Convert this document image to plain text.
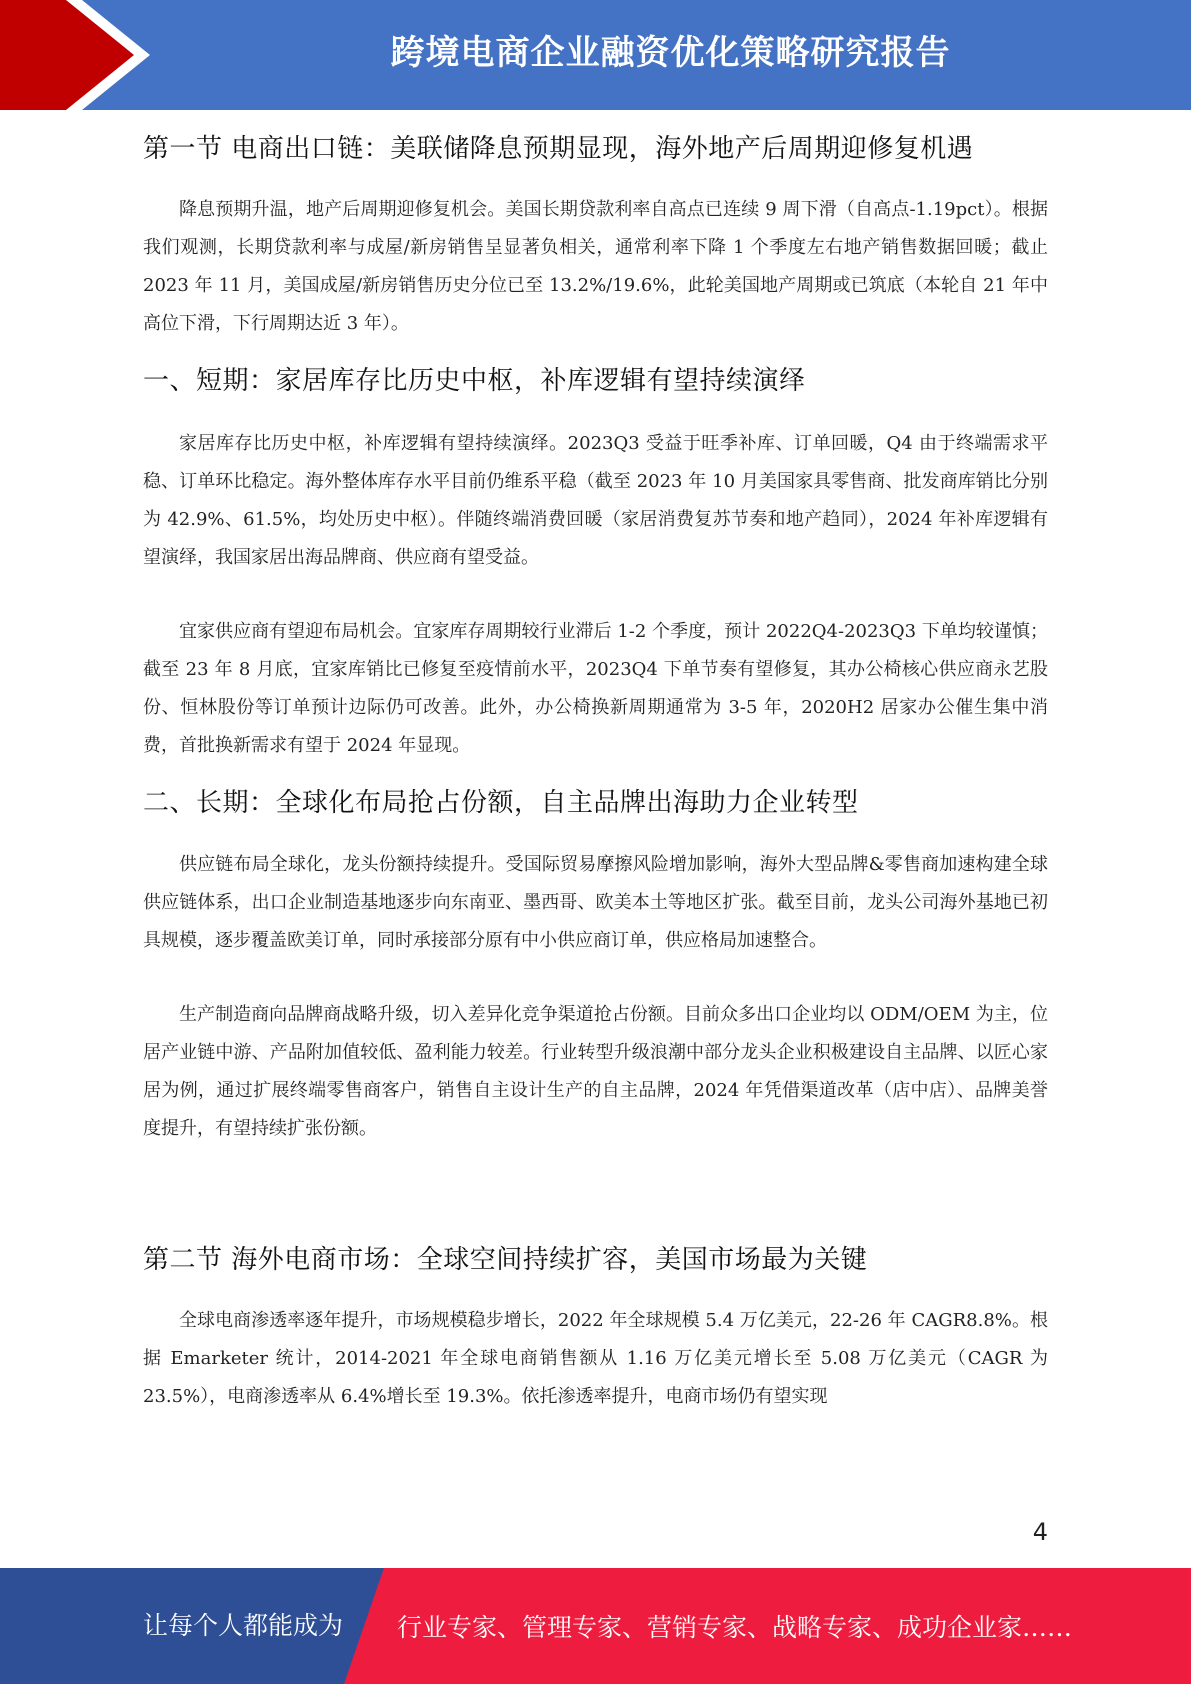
跨境电商企业融资优化策略研究报告
第一节 电商出口链：美联储降息预期显现，海外地产后周期迎修复机遇

降息预期升温，地产后周期迎修复机会。美国长期贷款利率自高点已连续 9 周下滑（自高点-1.19pct）。根据我们观测，长期贷款利率与成屋/新房销售呈显著负相关，通常利率下降 1 个季度左右地产销售数据回暖；截止 2023 年 11 月，美国成屋/新房销售历史分位已至 13.2%/19.6%，此轮美国地产周期或已筑底（本轮自 21 年中高位下滑，下行周期达近 3 年）。

一、短期：家居库存比历史中枢，补库逻辑有望持续演绎

家居库存比历史中枢，补库逻辑有望持续演绎。2023Q3 受益于旺季补库、订单回暖，Q4 由于终端需求平稳、订单环比稳定。海外整体库存水平目前仍维系平稳（截至 2023 年 10 月美国家具零售商、批发商库销比分别为 42.9%、61.5%，均处历史中枢）。伴随终端消费回暖（家居消费复苏节奏和地产趋同），2024 年补库逻辑有望演绎，我国家居出海品牌商、供应商有望受益。

宜家供应商有望迎布局机会。宜家库存周期较行业滞后 1-2 个季度，预计 2022Q4-2023Q3 下单均较谨慎；截至 23 年 8 月底，宜家库销比已修复至疫情前水平，2023Q4 下单节奏有望修复，其办公椅核心供应商永艺股份、恒林股份等订单预计边际仍可改善。此外，办公椅换新周期通常为 3-5 年，2020H2 居家办公催生集中消费，首批换新需求有望于 2024 年显现。

二、长期：全球化布局抢占份额，自主品牌出海助力企业转型

供应链布局全球化，龙头份额持续提升。受国际贸易摩擦风险增加影响，海外大型品牌&零售商加速构建全球供应链体系，出口企业制造基地逐步向东南亚、墨西哥、欧美本土等地区扩张。截至目前，龙头公司海外基地已初具规模，逐步覆盖欧美订单，同时承接部分原有中小供应商订单，供应格局加速整合。

生产制造商向品牌商战略升级，切入差异化竞争渠道抢占份额。目前众多出口企业均以 ODM/OEM 为主，位居产业链中游、产品附加值较低、盈利能力较差。行业转型升级浪潮中部分龙头企业积极建设自主品牌、以匠心家居为例，通过扩展终端零售商客户，销售自主设计生产的自主品牌，2024 年凭借渠道改革（店中店）、品牌美誉度提升，有望持续扩张份额。

第二节 海外电商市场：全球空间持续扩容，美国市场最为关键

全球电商渗透率逐年提升，市场规模稳步增长，2022 年全球规模 5.4 万亿美元，22-26 年 CAGR8.8%。根据 Emarketer 统计，2014-2021 年全球电商销售额从 1.16 万亿美元增长至 5.08 万亿美元（CAGR 为 23.5%），电商渗透率从 6.4%增长至 19.3%。依托渗透率提升，电商市场仍有望实现

4
让每个人都能成为 行业专家、管理专家、营销专家、战略专家、成功企业家……
